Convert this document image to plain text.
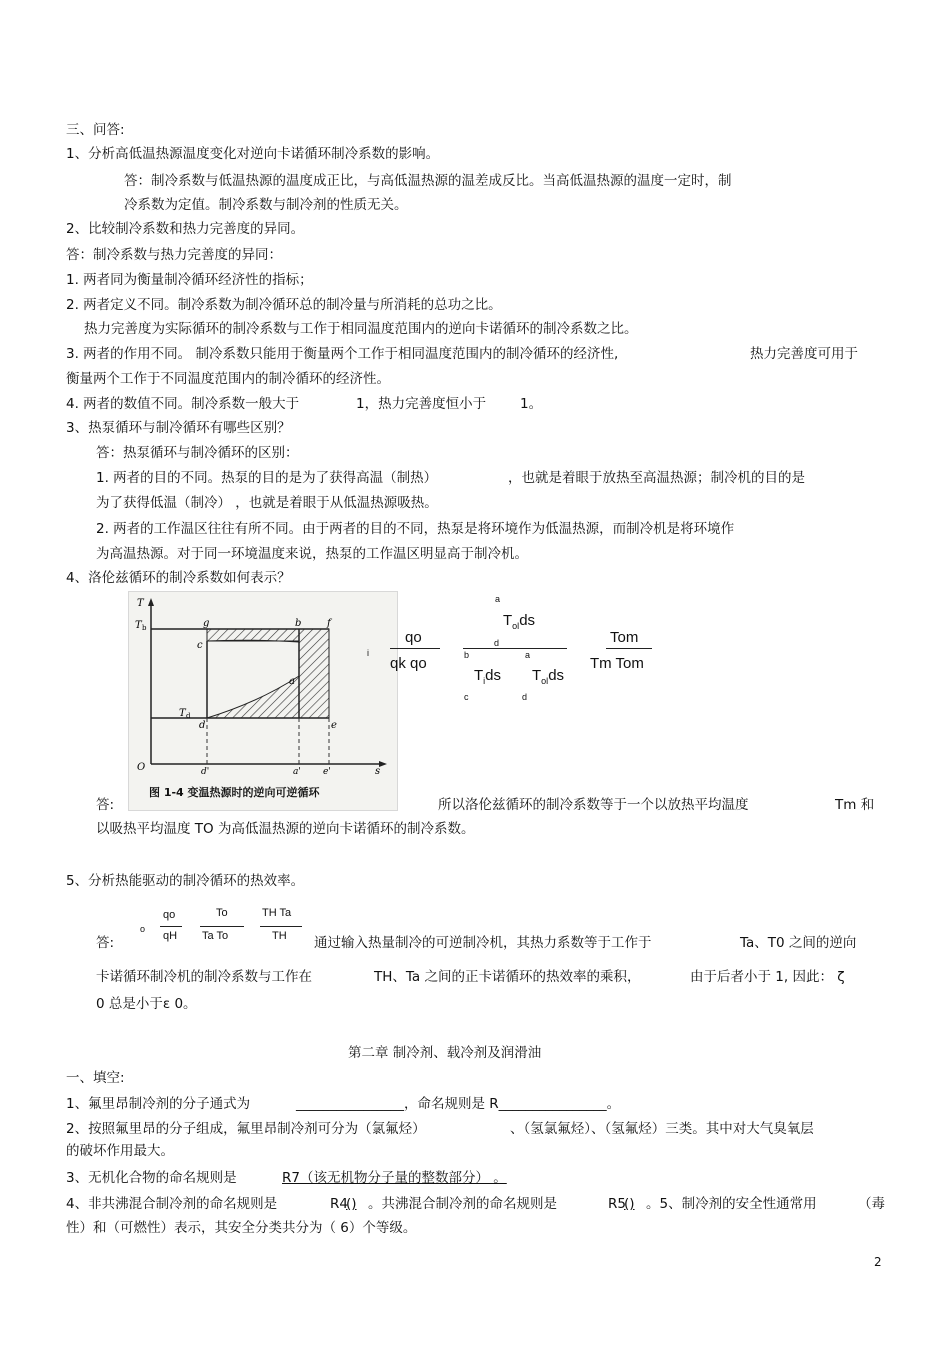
三、问答:
1、分析高低温热源温度变化对逆向卡诺循环制冷系数的影响。
答：制冷系数与低温热源的温度成正比，与高低温热源的温差成反比。当高低温热源的温度一定时，制
冷系数为定值。制冷系数与制冷剂的性质无关。
2、比较制冷系数和热力完善度的异同。
答：制冷系数与热力完善度的异同：
1. 两者同为衡量制冷循环经济性的指标；
2. 两者定义不同。制冷系数为制冷循环总的制冷量与所消耗的总功之比。
热力完善度为实际循环的制冷系数与工作于相同温度范围内的逆向卡诺循环的制冷系数之比。
3. 两者的作用不同。 制冷系数只能用于衡量两个工作于相同温度范围内的制冷循环的经济性,	热力完善度可用于
衡量两个工作于不同温度范围内的制冷循环的经济性。
4. 两者的数值不同。制冷系数一般大于	1，热力完善度恒小于	1。
3、热泵循环与制冷循环有哪些区别？
答：热泵循环与制冷循环的区别：
1. 两者的目的不同。热泵的目的是为了获得高温（制热）	，也就是着眼于放热至高温热源；制冷机的目的是
为了获得低温（制冷） ，也就是着眼于从低温热源吸热。
2. 两者的工作温区往往有所不同。由于两者的目的不同，热泵是将环境作为低温热源，而制冷机是将环境作
为高温热源。对于同一环境温度来说，热泵的工作温区明显高于制冷机。
4、洛伦兹循环的制冷系数如何表示？
T
T b	g	b	f
c
a
T d
d	e
O	d'	a' e'	s
图 1-4 变温热源时的逆向可逆循环
a
qo
qk qo
i
$T_{ol}ds$
d
b	a
$T_ids$ $T_{ol}ds$
c	d
Tom
Tm Tom
答:	所以洛伦兹循环的制冷系数等于一个以放热平均温度	Tm 和
以吸热平均温度 TO 为高低温热源的逆向卡诺循环的制冷系数。
5、分析热能驱动的制冷循环的热效率。
o
qo
qH
To
Ta To
TH Ta
TH
答:	通过输入热量制冷的可逆制冷机，其热力系数等于工作于	Ta、T0 之间的逆向
卡诺循环制冷机的制冷系数与工作在	TH、Ta 之间的正卡诺循环的热效率的乘积，	由于后者小于 1, 因此： ζ
0 总是小于ε 0。
第二章 制冷剂、载冷剂及润滑油
一、填空:
1、氟里昂制冷剂的分子通式为	________________，命名规则是 R________________。
2、按照氟里昂的分子组成，氟里昂制冷剂可分为（氯氟烃）	、（氢氯氟烃）、（氢氟烃）三类。其中对大气臭氧层
的破坏作用最大。
3、无机化合物的命名规则是	R7（该无机物分子量的整数部分） 。
4、非共沸混合制冷剂的命名规则是	R4
() 。共沸混合制冷剂的命名规则是	R5
() 。5、制冷剂的安全性通常用	（毒
性）和（可燃性）表示，其安全分类共分为（ 6）个等级。
2
